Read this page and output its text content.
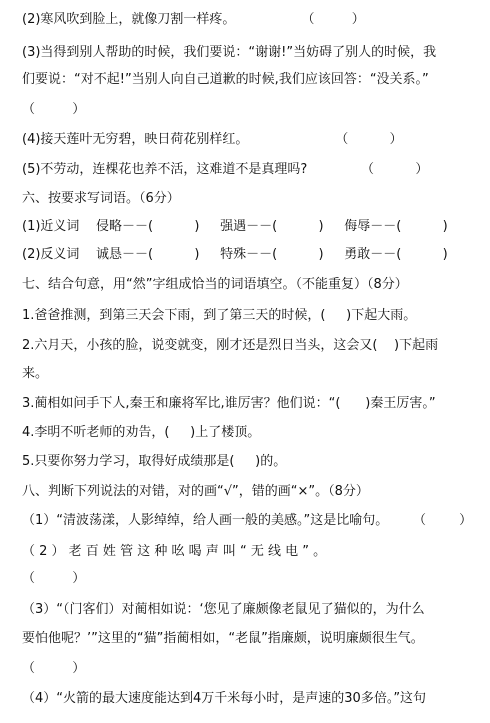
(2)寒风吹到脸上，就像刀割一样疼。                （         ）
(3)当得到别人帮助的时候，我们要说：“谢谢!”当妨碍了别人的时候，我
们要说：“对不起!”当别人向自己道歉的时候,我们应该回答：“没关系。”
（         ）
(4)接天莲叶无穷碧，映日荷花别样红。                     （          ）
(5)不劳动，连棵花也养不活，这难道不是真理吗?             （          ）
六、按要求写词语。（6分）
(1)近义词    侵略－－(          )     强遇－－(          )     侮辱－－(          )
(2)反义词    诚恳－－(          )     特殊－－(          )     勇敢－－(          )
七、结合句意，用“然”字组成恰当的词语填空。（不能重复）（8分）
1.爸爸推测，到第三天会下雨，到了第三天的时候，(     )下起大雨。
2.六月天，小孩的脸，说变就变，刚才还是烈日当头，这会又(    )下起雨
来。
3.蔺相如问手下人,秦王和廉将军比,谁厉害？他们说：“(      )秦王厉害。”
4.李明不听老师的劝告，(     )上了楼顶。
5.只要你努力学习，取得好成绩那是(     )的。
八、判断下列说法的对错，对的画“√”，错的画“×”。（8分）
（1）“清波荡漾，人影绰绰，给人画一般的美感。”这是比喻句。      （        ）
（ 2 ） 老 百 姓 管 这 种 吆 喝 声 叫 “ 无 线 电 ” 。
（         ）
（3）“（门客们）对蔺相如说：‘您见了廉颇像老鼠见了猫似的，为什么
要怕他呢？’”这里的“猫”指蔺相如，“老鼠”指廉颇，说明廉颇很生气。
（         ）
（4）“火箭的最大速度能达到4万千米每小时，是声速的30多倍。”这句
